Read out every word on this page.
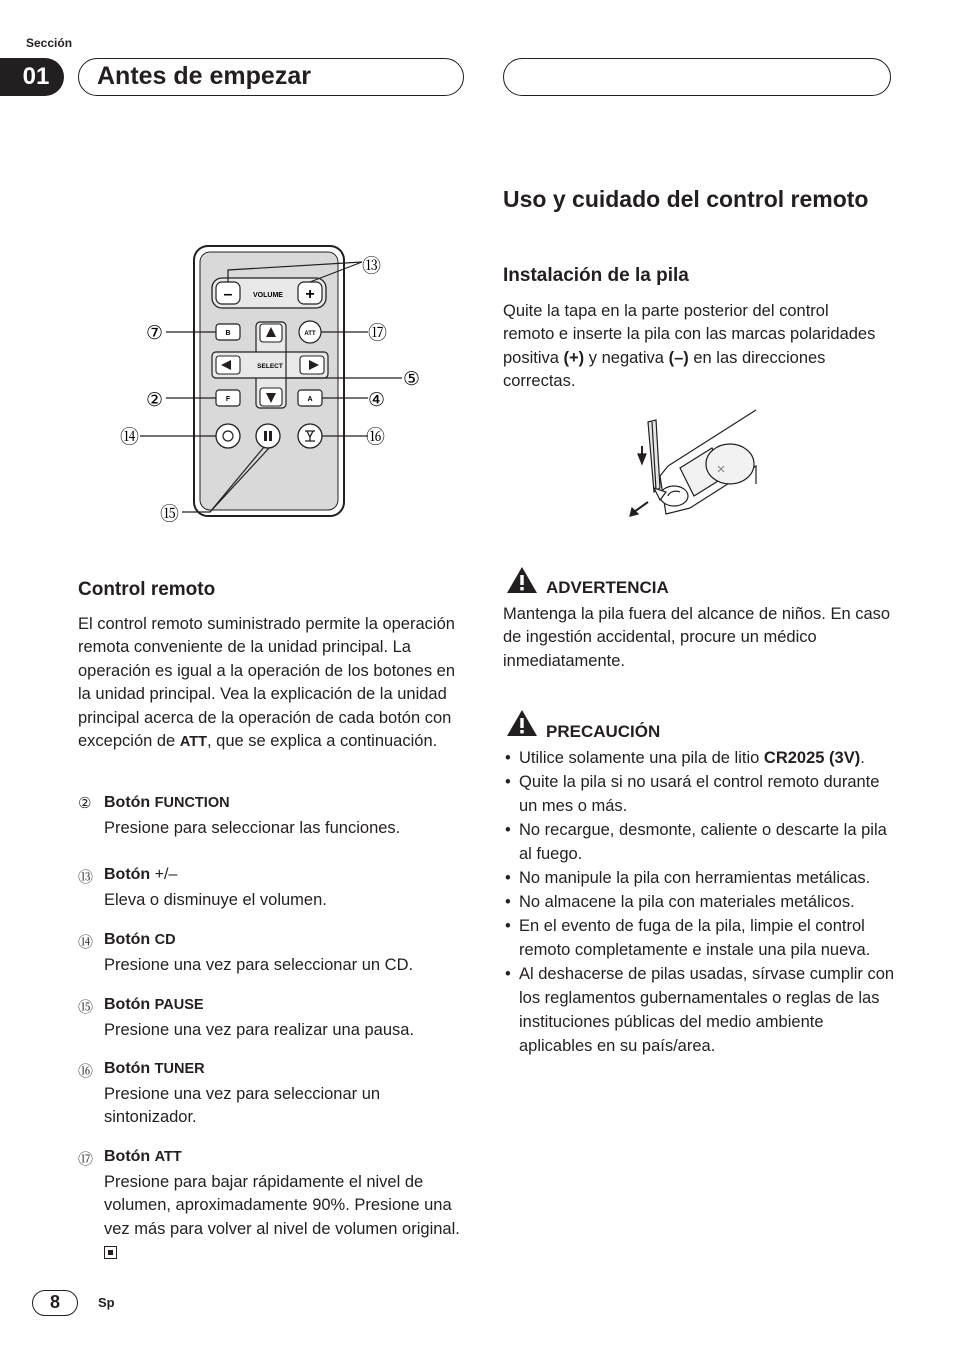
Sección
01	Antes de empezar
–	+
VOLUME
B	ATT
SELECT
F	A
⑬
⑦	⑰
⑤
②	④
⑭	⑯
⑮
Control remoto

El control remoto suministrado permite la operación remota conveniente de la unidad principal. La operación es igual a la operación de los botones en la unidad principal. Vea la explicación de la unidad principal acerca de la operación de cada botón con excepción de ATT, que se explica a continuación.

② Botón FUNCTION
Presione para seleccionar las funciones.
⑬ Botón +/–
Eleva o disminuye el volumen.
⑭ Botón CD
Presione una vez para seleccionar un CD.
⑮ Botón PAUSE
Presione una vez para realizar una pausa.
⑯ Botón TUNER
Presione una vez para seleccionar un sintonizador.
⑰ Botón ATT
Presione para bajar rápidamente el nivel de volumen, aproximadamente 90%. Presione una vez más para volver al nivel de volumen original.
Uso y cuidado del control remoto
Instalación de la pila

Quite la tapa en la parte posterior del control remoto e inserte la pila con las marcas polaridades positiva (+) y negativa (–) en las direcciones correctas.

ADVERTENCIA

Mantenga la pila fuera del alcance de niños. En caso de ingestión accidental, procure un médico inmediatamente.

PRECAUCIÓN
• Utilice solamente una pila de litio CR2025 (3V).
• Quite la pila si no usará el control remoto durante un mes o más.
• No recargue, desmonte, caliente o descarte la pila al fuego.
• No manipule la pila con herramientas metálicas.
• No almacene la pila con materiales metálicos.
• En el evento de fuga de la pila, limpie el control remoto completamente e instale una pila nueva.
• Al deshacerse de pilas usadas, sírvase cumplir con los reglamentos gubernamentales o reglas de las instituciones públicas del medio ambiente aplicables en su país/area.
8	Sp
